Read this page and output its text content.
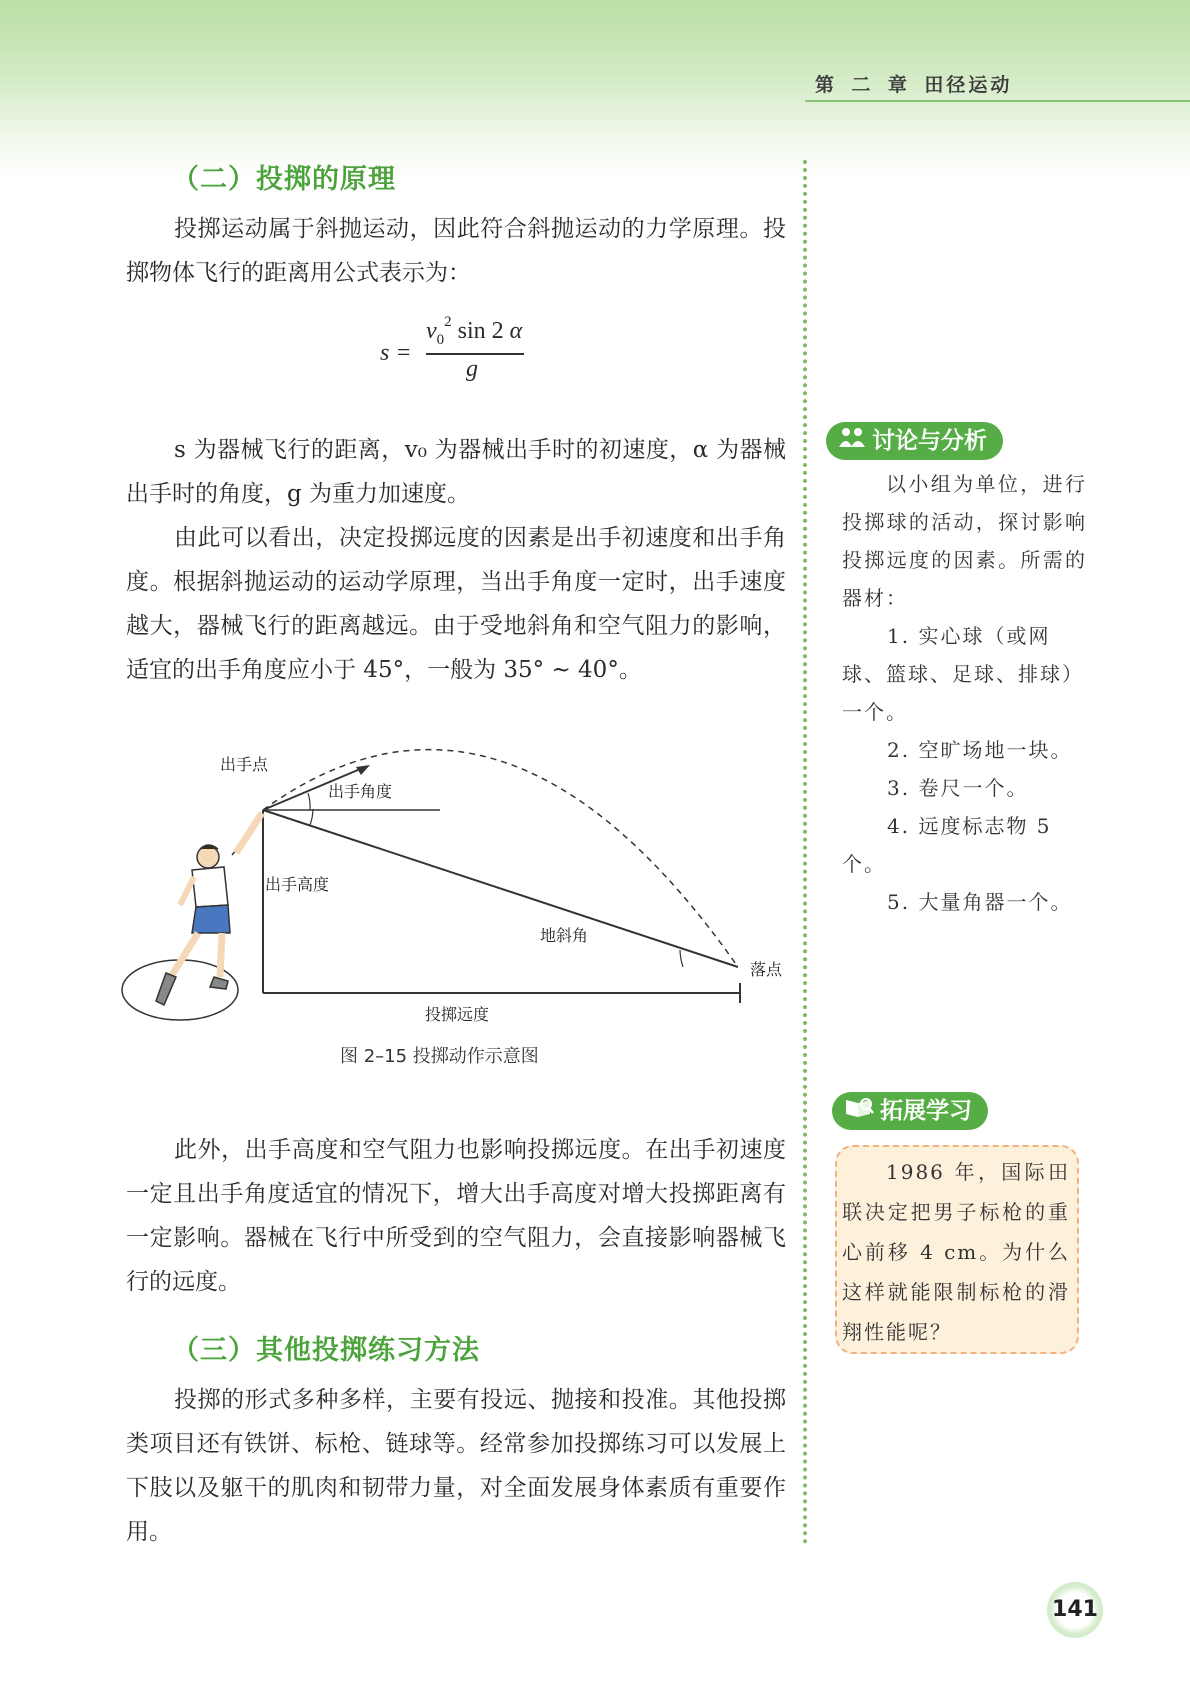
第 二 章 田径运动
（二）投掷的原理

投掷运动属于斜抛运动，因此符合斜抛运动的力学原理。投掷物体飞行的距离用公式表示为：

s =
$v_0^2$ sin 2 α
g

s 为器械飞行的距离，v₀ 为器械出手时的初速度，α 为器械出手时的角度，g 为重力加速度。

由此可以看出，决定投掷远度的因素是出手初速度和出手角度。根据斜抛运动的运动学原理，当出手角度一定时，出手速度越大，器械飞行的距离越远。由于受地斜角和空气阻力的影响，适宜的出手角度应小于 45°，一般为 35° ~ 40°。

出手点
出手角度
出手高度
地斜角
落点
投掷远度
图 2–15 投掷动作示意图

此外，出手高度和空气阻力也影响投掷远度。在出手初速度一定且出手角度适宜的情况下，增大出手高度对增大投掷距离有一定影响。器械在飞行中所受到的空气阻力，会直接影响器械飞行的远度。

（三）其他投掷练习方法

投掷的形式多种多样，主要有投远、抛接和投准。其他投掷类项目还有铁饼、标枪、链球等。经常参加投掷练习可以发展上下肢以及躯干的肌肉和韧带力量，对全面发展身体素质有重要作用。

讨论与分析

以小组为单位，进行投掷球的活动，探讨影响投掷远度的因素。所需的器材：

1. 实心球（或网球、篮球、足球、排球）一个。
2. 空旷场地一块。
3. 卷尺一个。
4. 远度标志物 5 个。
5. 大量角器一个。
拓展学习

1986 年，国际田联决定把男子标枪的重心前移 4 cm。为什么这样就能限制标枪的滑翔性能呢？

141
